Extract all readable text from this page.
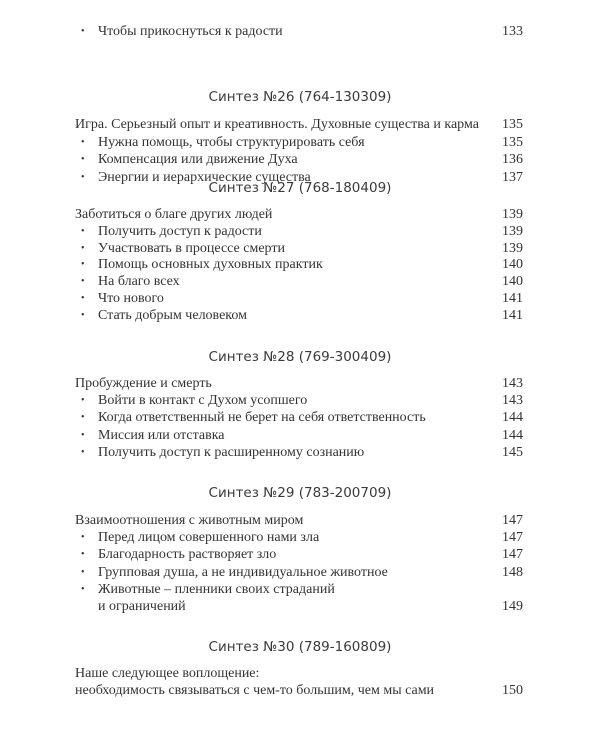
• Чтобы прикоснуться к радости	133
Синтез №26 (764-130309)
Игра. Серьезный опыт и креативность. Духовные существа и карма	135
• Нужна помощь, чтобы структурировать себя	135
• Компенсация или движение Духа	136
• Энергии и иерархические существа	137
Синтез №27 (768-180409)
Заботиться о благе других людей	139
• Получить доступ к радости	139
• Участвовать в процессе смерти	139
• Помощь основных духовных практик	140
• На благо всех	140
• Что нового	141
• Стать добрым человеком	141
Синтез №28 (769-300409)
Пробуждение и смерть	143
• Войти в контакт с Духом усопшего	143
• Когда ответственный не берет на себя ответственность	144
• Миссия или отставка	144
• Получить доступ к расширенному сознанию	145
Синтез №29 (783-200709)
Взаимоотношения с животным миром	147
• Перед лицом совершенного нами зла	147
• Благодарность растворяет зло	147
• Групповая душа, а не индивидуальное животное	148
• Животные – пленники своих страданий
и ограничений	149
Синтез №30 (789-160809)
Наше следующее воплощение:
необходимость связываться с чем-то большим, чем мы сами	150
